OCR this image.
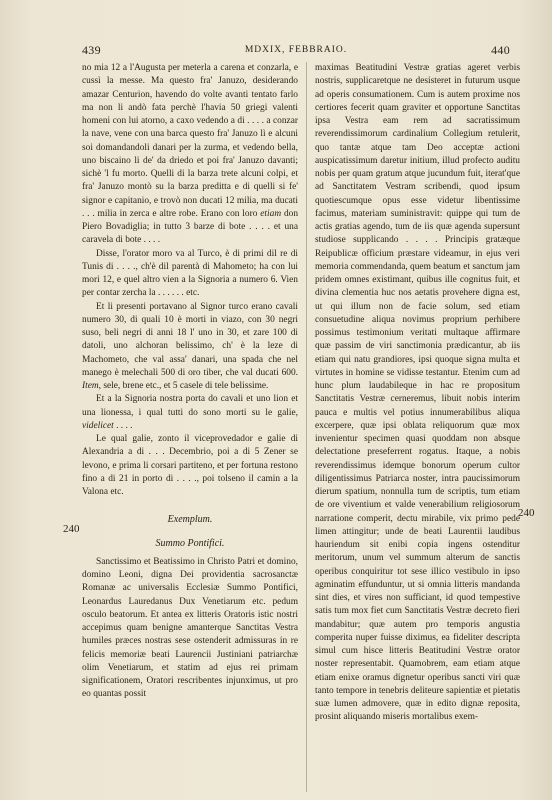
439	MDXIX, FEBBRAIO.	440

no mia 12 a l'Augusta per meterla a carena et conzarla, e cussì la messe. Ma questo fra' Januzo, desiderando amazar Centurion, havendo do volte avanti tentato farlo ma non li andò fata perchè l'havia 50 griegi valenti homeni con lui atorno, a caxo vedendo a di . . . . a conzar la nave, vene con una barca questo fra' Januzo lì e alcuni soi domandandoli danari per la zurma, et vedendo bella, uno biscaino li de' da driedo et poi fra' Januzo davanti; sichè 'l fu morto. Quelli di la barza trete alcuni colpi, et fra' Januzo montò su la barza preditta e di quelli si fe' signor e capitanio, e trovò non ducati 12 milia, ma ducati . . . milia in zerca e altre robe. Erano con loro etiam don Piero Bovadiglia; in tutto 3 barze di bote . . . . et una caravela di bote . . . .

Disse, l'orator moro va al Turco, è di primi dil re di Tunis di . . . ., ch'è dil parentà di Mahometo; ha con lui mori 12, e quel altro vien a la Signoria a numero 6. Vien per contar zercha la . . . . . . etc.

Et li presenti portavano al Signor turco erano cavali numero 30, di quali 10 è morti in viazo, con 30 negri suso, beli negri di anni 18 l' uno in 30, et zare 100 di datoli, uno alchoran belissimo, ch' è la leze di Machometo, che val assa' danari, una spada che nel manego è melechali 500 di oro tiber, che val ducati 600. Item, sele, brene etc., et 5 casele di tele belissime.

Et a la Signoria nostra porta do cavali et uno lion et una lionessa, i qual tutti do sono morti su le galie, videlicet . . . .

Le qual galie, zonto il viceprovedador e galie di Alexandria a di . . . Decembrio, poi a di 5 Zener se levono, e prima li corsari partiteno, et per fortuna restono fino a di 21 in porto di . . . ., poi tolseno il camin a la Valona etc.

Exemplum.
Summo Pontifici.

Sanctissimo et Beatissimo in Christo Patri et domino, domino Leoni, digna Dei providentia sacrosanctæ Romanæ ac universalis Ecclesiæ Summo Pontifici, Leonardus Lauredanus Dux Venetiarum etc. pedum osculo beatorum. Et antea ex litteris Oratoris istic nostri accepimus quam benigne amanterque Sanctitas Vestra humiles præces nostras sese ostenderit admissuras in re felicis memoriæ beati Laurencii Justiniani patriarchæ olim Venetiarum, et statim ad ejus rei primam significationem, Oratori rescribentes injunximus, ut pro eo quantas possit

maximas Beatitudini Vestræ gratias ageret verbis nostris, supplicaretque ne desisteret in futurum usque ad operis consumationem. Cum is autem proxime nos certiores fecerit quam graviter et opportune Sanctitas ipsa Vestra eam rem ad sacratissimum reverendissimorum cardinalium Collegium retulerit, quo tantæ atque tam Deo acceptæ actioni auspicatissimum daretur initium, illud profecto auditu nobis per quam gratum atque jucundum fuit, iterat'que ad Sanctitatem Vestram scribendi, quod ipsum quotiescumque opus esse videtur libentissime facimus, materiam suministravit: quippe qui tum de actis gratias agendo, tum de iis quæ agenda supersunt studiose supplicando . . . . Principis gratæque Reipublicæ officium præstare videamur, in ejus veri memoria commendanda, quem beatum et sanctum jam pridem omnes existimant, quibus ille cognitus fuit, et divina clementia huc nos aetatis provehere digna est, ut qui illum non de facie solum, sed etiam consuetudine aliqua novimus proprium perhibere possimus testimonium veritati multaque affirmare quæ passim de viri sanctimonia prædicantur, ab iis etiam qui natu grandiores, ipsi quoque signa multa et virtutes in homine se vidisse testantur. Etenim cum ad hunc plum laudabileque in hac re propositum Sanctitatis Vestræ cerneremus, libuit nobis interim pauca e multis vel potius innumerabilibus aliqua excerpere, quæ ipsi oblata reliquorum quæ mox invenientur specimen quasi quoddam non absque delectatione preseferrent rogatus. Itaque, a nobis reverendissimus idemque bonorum operum cultor diligentissimus Patriarca noster, intra paucissimorum dierum spatium, nonnulla tum de scriptis, tum etiam de ore viventium et valde venerabilium religiosorum narratione comperit, dectu mirabile, vix primo pede limen attingitur; unde de beati Laurentii laudibus hauriendum sit enibi copia ingens ostenditur meritorum, unum vel summum alterum de sanctis operibus conquiritur tot sese illico vestibulo in ipso agminatim effunduntur, ut si omnia litteris mandanda sint dies, et vires non sufficiant, id quod tempestive satis tum mox fiet cum Sanctitatis Vestræ decreto fieri mandabitur; quæ autem pro temporis angustia comperita nuper fuisse diximus, ea fideliter descripta simul cum hisce litteris Beatitudini Vestræ orator noster representabit. Quamobrem, eam etiam atque etiam enixe oramus dignetur operibus sancti viri quæ tanto tempore in tenebris deliteure sapientiæ et pietatis suæ lumen admovere, quæ in edito dignæ reposita, prosint aliquando miseris mortalibus exem-

240
240
